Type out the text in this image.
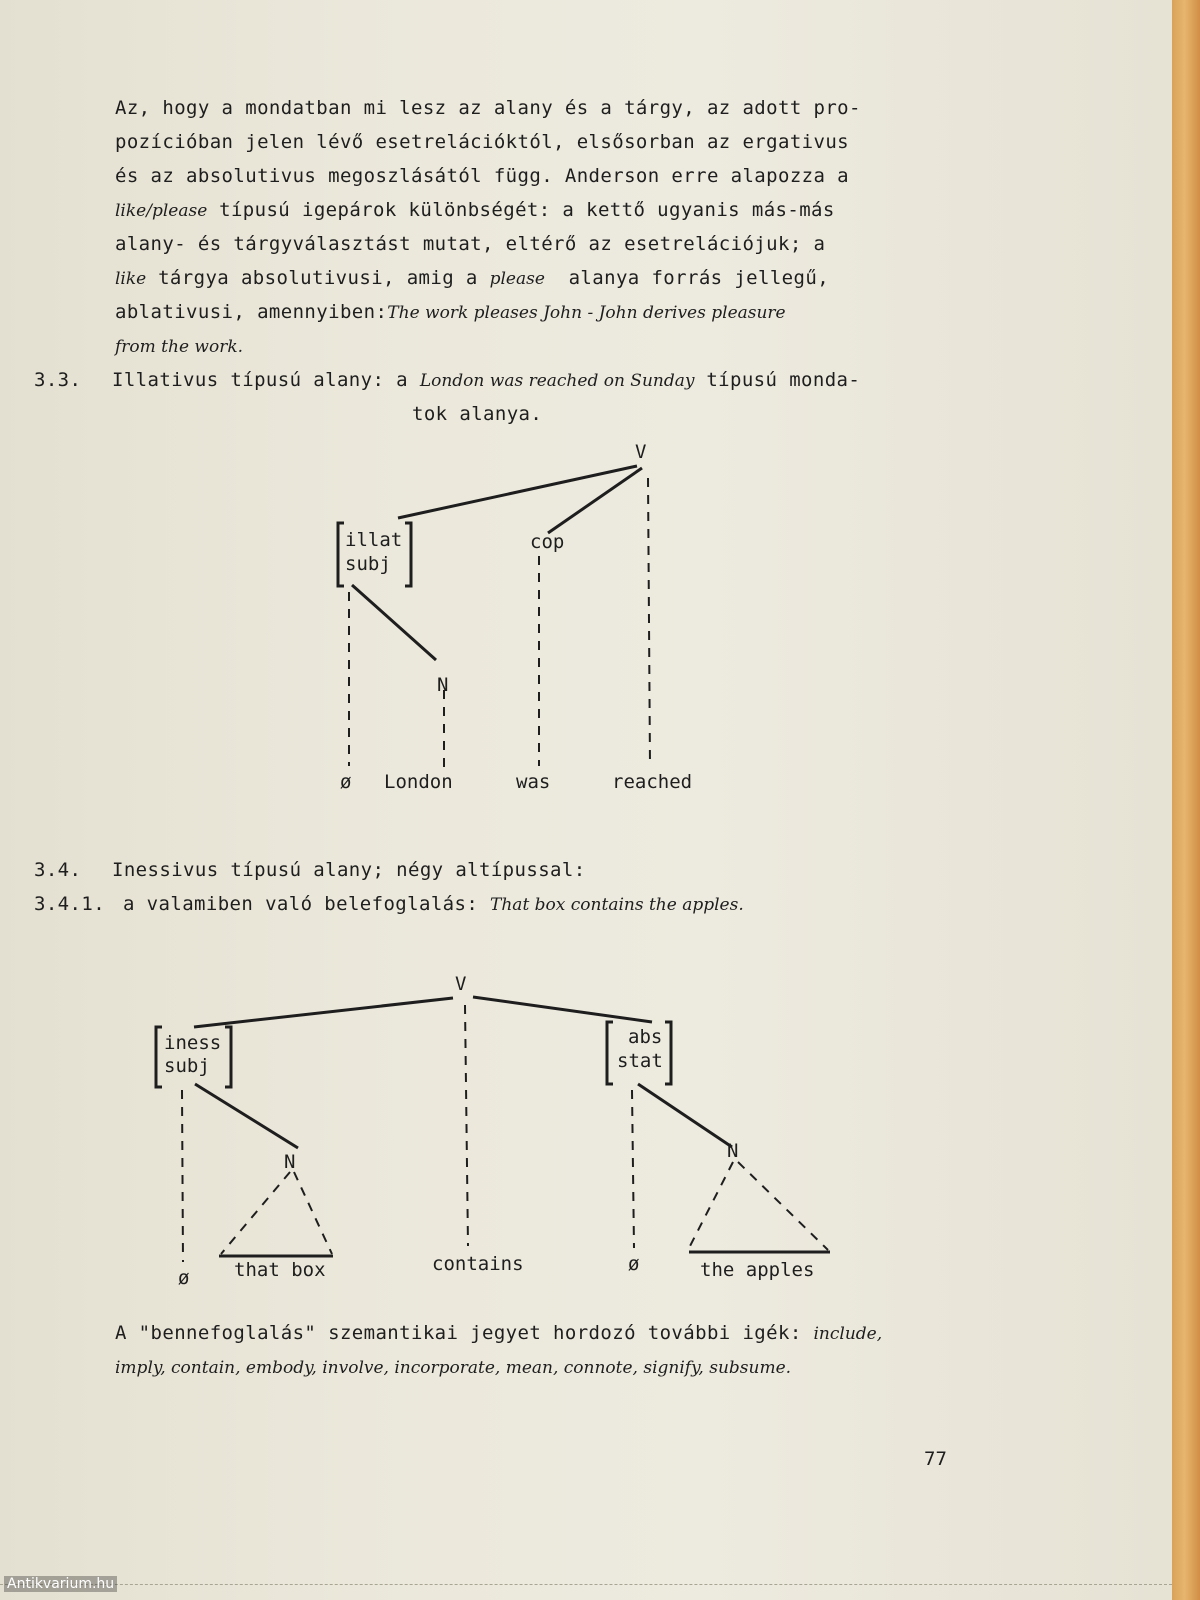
Az, hogy a mondatban mi lesz az alany és a tárgy, az adott pro-
pozícióban jelen lévő esetrelációktól, elsősorban az ergativus
és az absolutivus megoszlásától függ. Anderson erre alapozza a
like/please típusú igepárok különbségét: a kettő ugyanis más-más
alany- és tárgyválasztást mutat, eltérő az esetrelációjuk; a
like tárgya absolutivusi, amig a please  alanya forrás jellegű,
ablativusi, amennyiben:The work pleases John - John derives pleasure
from the work.
3.3. Illativus típusú alany: a London was reached on Sunday típusú monda-
tok alanya.
V
illat
subj
cop
N
ø London	was	reached
3.4. Inessivus típusú alany; négy altípussal:
3.4.1. a valamiben való belefoglalás: That box contains the apples.
V
iness
subj
abs
stat
N	N
ø that box	contains	ø	the apples
A "bennefoglalás" szemantikai jegyet hordozó további igék: include,
imply, contain, embody, involve, incorporate, mean, connote, signify, subsume.
77
Antikvarium.hu
